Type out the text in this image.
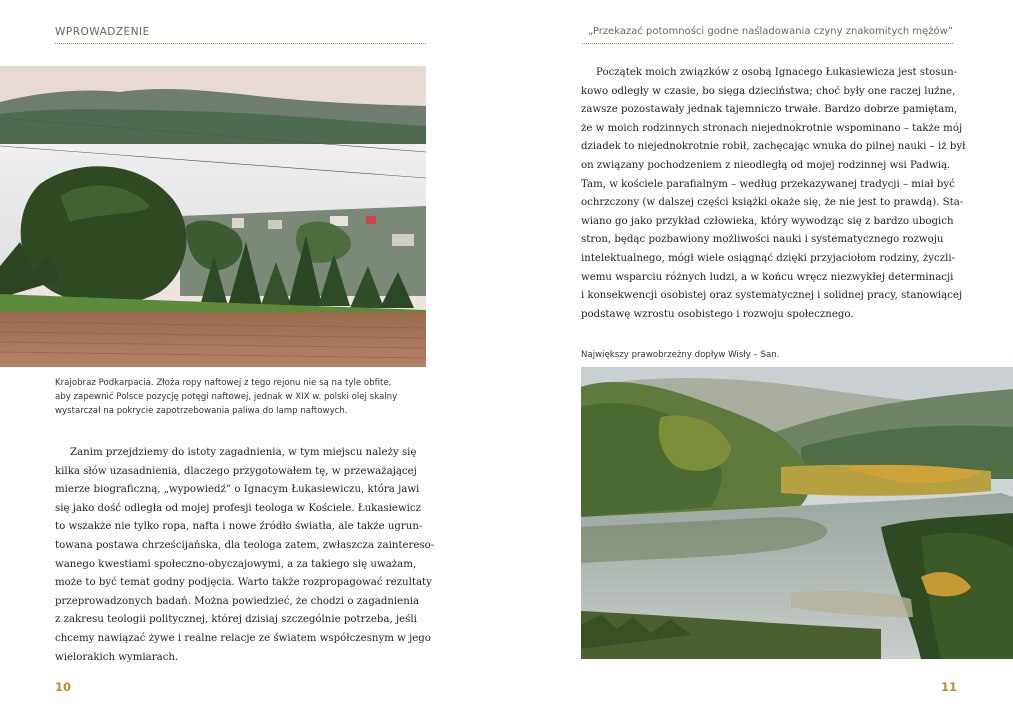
WPROWADZENIE
Krajobraz Podkarpacia. Złoża ropy naftowej z tego rejonu nie są na tyle obfite,
aby zapewnić Polsce pozycję potęgi naftowej, jednak w XIX w. polski olej skalny
wystarczał na pokrycie zapotrzebowania paliwa do lamp naftowych.
Zanim przejdziemy do istoty zagadnienia, w tym miejscu należy się
kilka słów uzasadnienia, dlaczego przygotowałem tę, w przeważającej
mierze biograficzną, „wypowiedź” o Ignacym Łukasiewiczu, która jawi
się jako dość odległa od mojej profesji teologa w Kościele. Łukasiewicz
to wszakże nie tylko ropa, nafta i nowe źródło światła, ale także ugrun-
towana postawa chrześcijańska, dla teologa zatem, zwłaszcza zaintereso-
wanego kwestiami społeczno-obyczajowymi, a za takiego się uważam,
może to być temat godny podjęcia. Warto także rozpropagować rezultaty
przeprowadzonych badań. Można powiedzieć, że chodzi o zagadnienia
z zakresu teologii politycznej, której dzisiaj szczególnie potrzeba, jeśli
chcemy nawiązać żywe i realne relacje ze światem współczesnym w jego
wielorakich wymiarach.
10
„Przekazać potomności godne naśladowania czyny znakomitych mężów”
Początek moich związków z osobą Ignacego Łukasiewicza jest stosun-
kowo odległy w czasie, bo sięga dzieciństwa; choć były one raczej luźne,
zawsze pozostawały jednak tajemniczo trwałe. Bardzo dobrze pamiętam,
że w moich rodzinnych stronach niejednokrotnie wspominano – także mój
dziadek to niejednokrotnie robił, zachęcając wnuka do pilnej nauki – iż był
on związany pochodzeniem z nieodległą od mojej rodzinnej wsi Padwią.
Tam, w kościele parafialnym – według przekazywanej tradycji – miał być
ochrzczony (w dalszej części książki okaże się, że nie jest to prawdą). Sta-
wiano go jako przykład człowieka, który wywodząc się z bardzo ubogich
stron, będąc pozbawiony możliwości nauki i systematycznego rozwoju
intelektualnego, mógł wiele osiągnąć dzięki przyjaciołom rodziny, życzli-
wemu wsparciu różnych ludzi, a w końcu wręcz niezwykłej determinacji
i konsekwencji osobistej oraz systematycznej i solidnej pracy, stanowiącej
podstawę wzrostu osobistego i rozwoju społecznego.
Największy prawobrzeżny dopływ Wisły – San.
11
